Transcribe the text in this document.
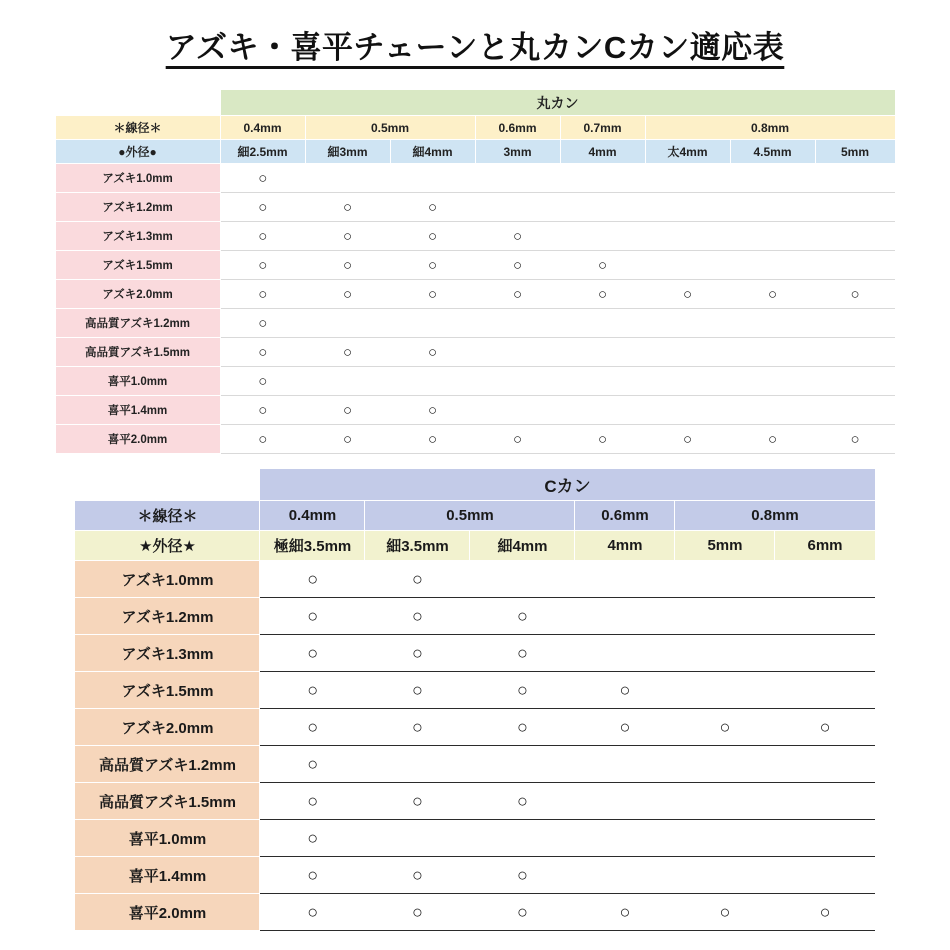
アズキ・喜平チェーンと丸カンCカン適応表
	丸カン							
＊線径＊	0.4mm	0.5mm		0.6mm	0.7mm	0.8mm		
●外径●	細2.5mm	細3mm	細4mm	3mm	4mm	太4mm	4.5mm	5mm
アズキ1.0mm	○							
アズキ1.2mm	○	○	○					
アズキ1.3mm	○	○	○	○				
アズキ1.5mm	○	○	○	○	○			
アズキ2.0mm	○	○	○	○	○	○	○	○
高品質アズキ1.2mm	○							
高品質アズキ1.5mm	○	○	○					
喜平1.0mm	○							
喜平1.4mm	○	○	○					
喜平2.0mm	○	○	○	○	○	○	○	○
	Cカン					
＊線径＊	0.4mm	0.5mm		0.6mm	0.8mm	
★外径★	極細3.5mm	細3.5mm	細4mm	4mm	5mm	6mm
アズキ1.0mm	○	○				
アズキ1.2mm	○	○	○			
アズキ1.3mm	○	○	○			
アズキ1.5mm	○	○	○	○		
アズキ2.0mm	○	○	○	○	○	○
高品質アズキ1.2mm	○					
高品質アズキ1.5mm	○	○	○			
喜平1.0mm	○					
喜平1.4mm	○	○	○			
喜平2.0mm	○	○	○	○	○	○
